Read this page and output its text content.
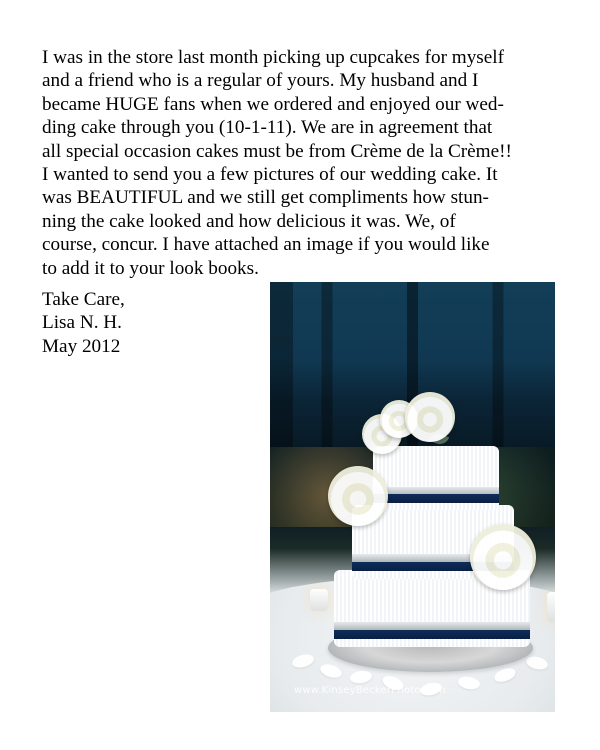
I was in the store last month picking up cupcakes for myself
and a friend who is a regular of yours. My husband and I
became HUGE fans when we ordered and enjoyed our wed-
ding cake through you (10-1-11). We are in agreement that
all special occasion cakes must be from Crème de la Crème!!
I wanted to send you a few pictures of our wedding cake. It
was BEAUTIFUL and we still get compliments how stun-
ning the cake looked and how delicious it was. We, of
course, concur. I have attached an image if you would like
to add it to your look books.
Take Care,
Lisa N. H.
May 2012
www.KinseyBeckerPhoto.com
